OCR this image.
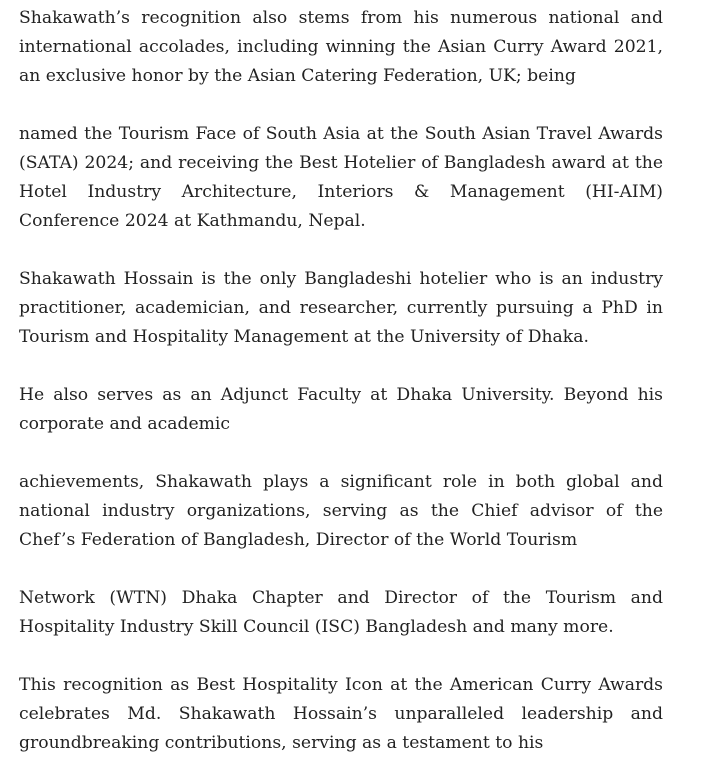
Shakawath’s recognition also stems from his numerous national and international accolades, including winning the Asian Curry Award 2021, an exclusive honor by the Asian Catering Federation, UK; being

named the Tourism Face of South Asia at the South Asian Travel Awards (SATA) 2024; and receiving the Best Hotelier of Bangladesh award at the Hotel Industry Architecture, Interiors & Management (HI-AIM) Conference 2024 at Kathmandu, Nepal.

Shakawath Hossain is the only Bangladeshi hotelier who is an industry practitioner, academician, and researcher, currently pursuing a PhD in Tourism and Hospitality Management at the University of Dhaka.

He also serves as an Adjunct Faculty at Dhaka University. Beyond his corporate and academic

achievements, Shakawath plays a significant role in both global and national industry organizations, serving as the Chief advisor of the Chef’s Federation of Bangladesh, Director of the World Tourism

Network (WTN) Dhaka Chapter and Director of the Tourism and Hospitality Industry Skill Council (ISC) Bangladesh and many more.

This recognition as Best Hospitality Icon at the American Curry Awards celebrates Md. Shakawath Hossain’s unparalleled leadership and groundbreaking contributions, serving as a testament to his
